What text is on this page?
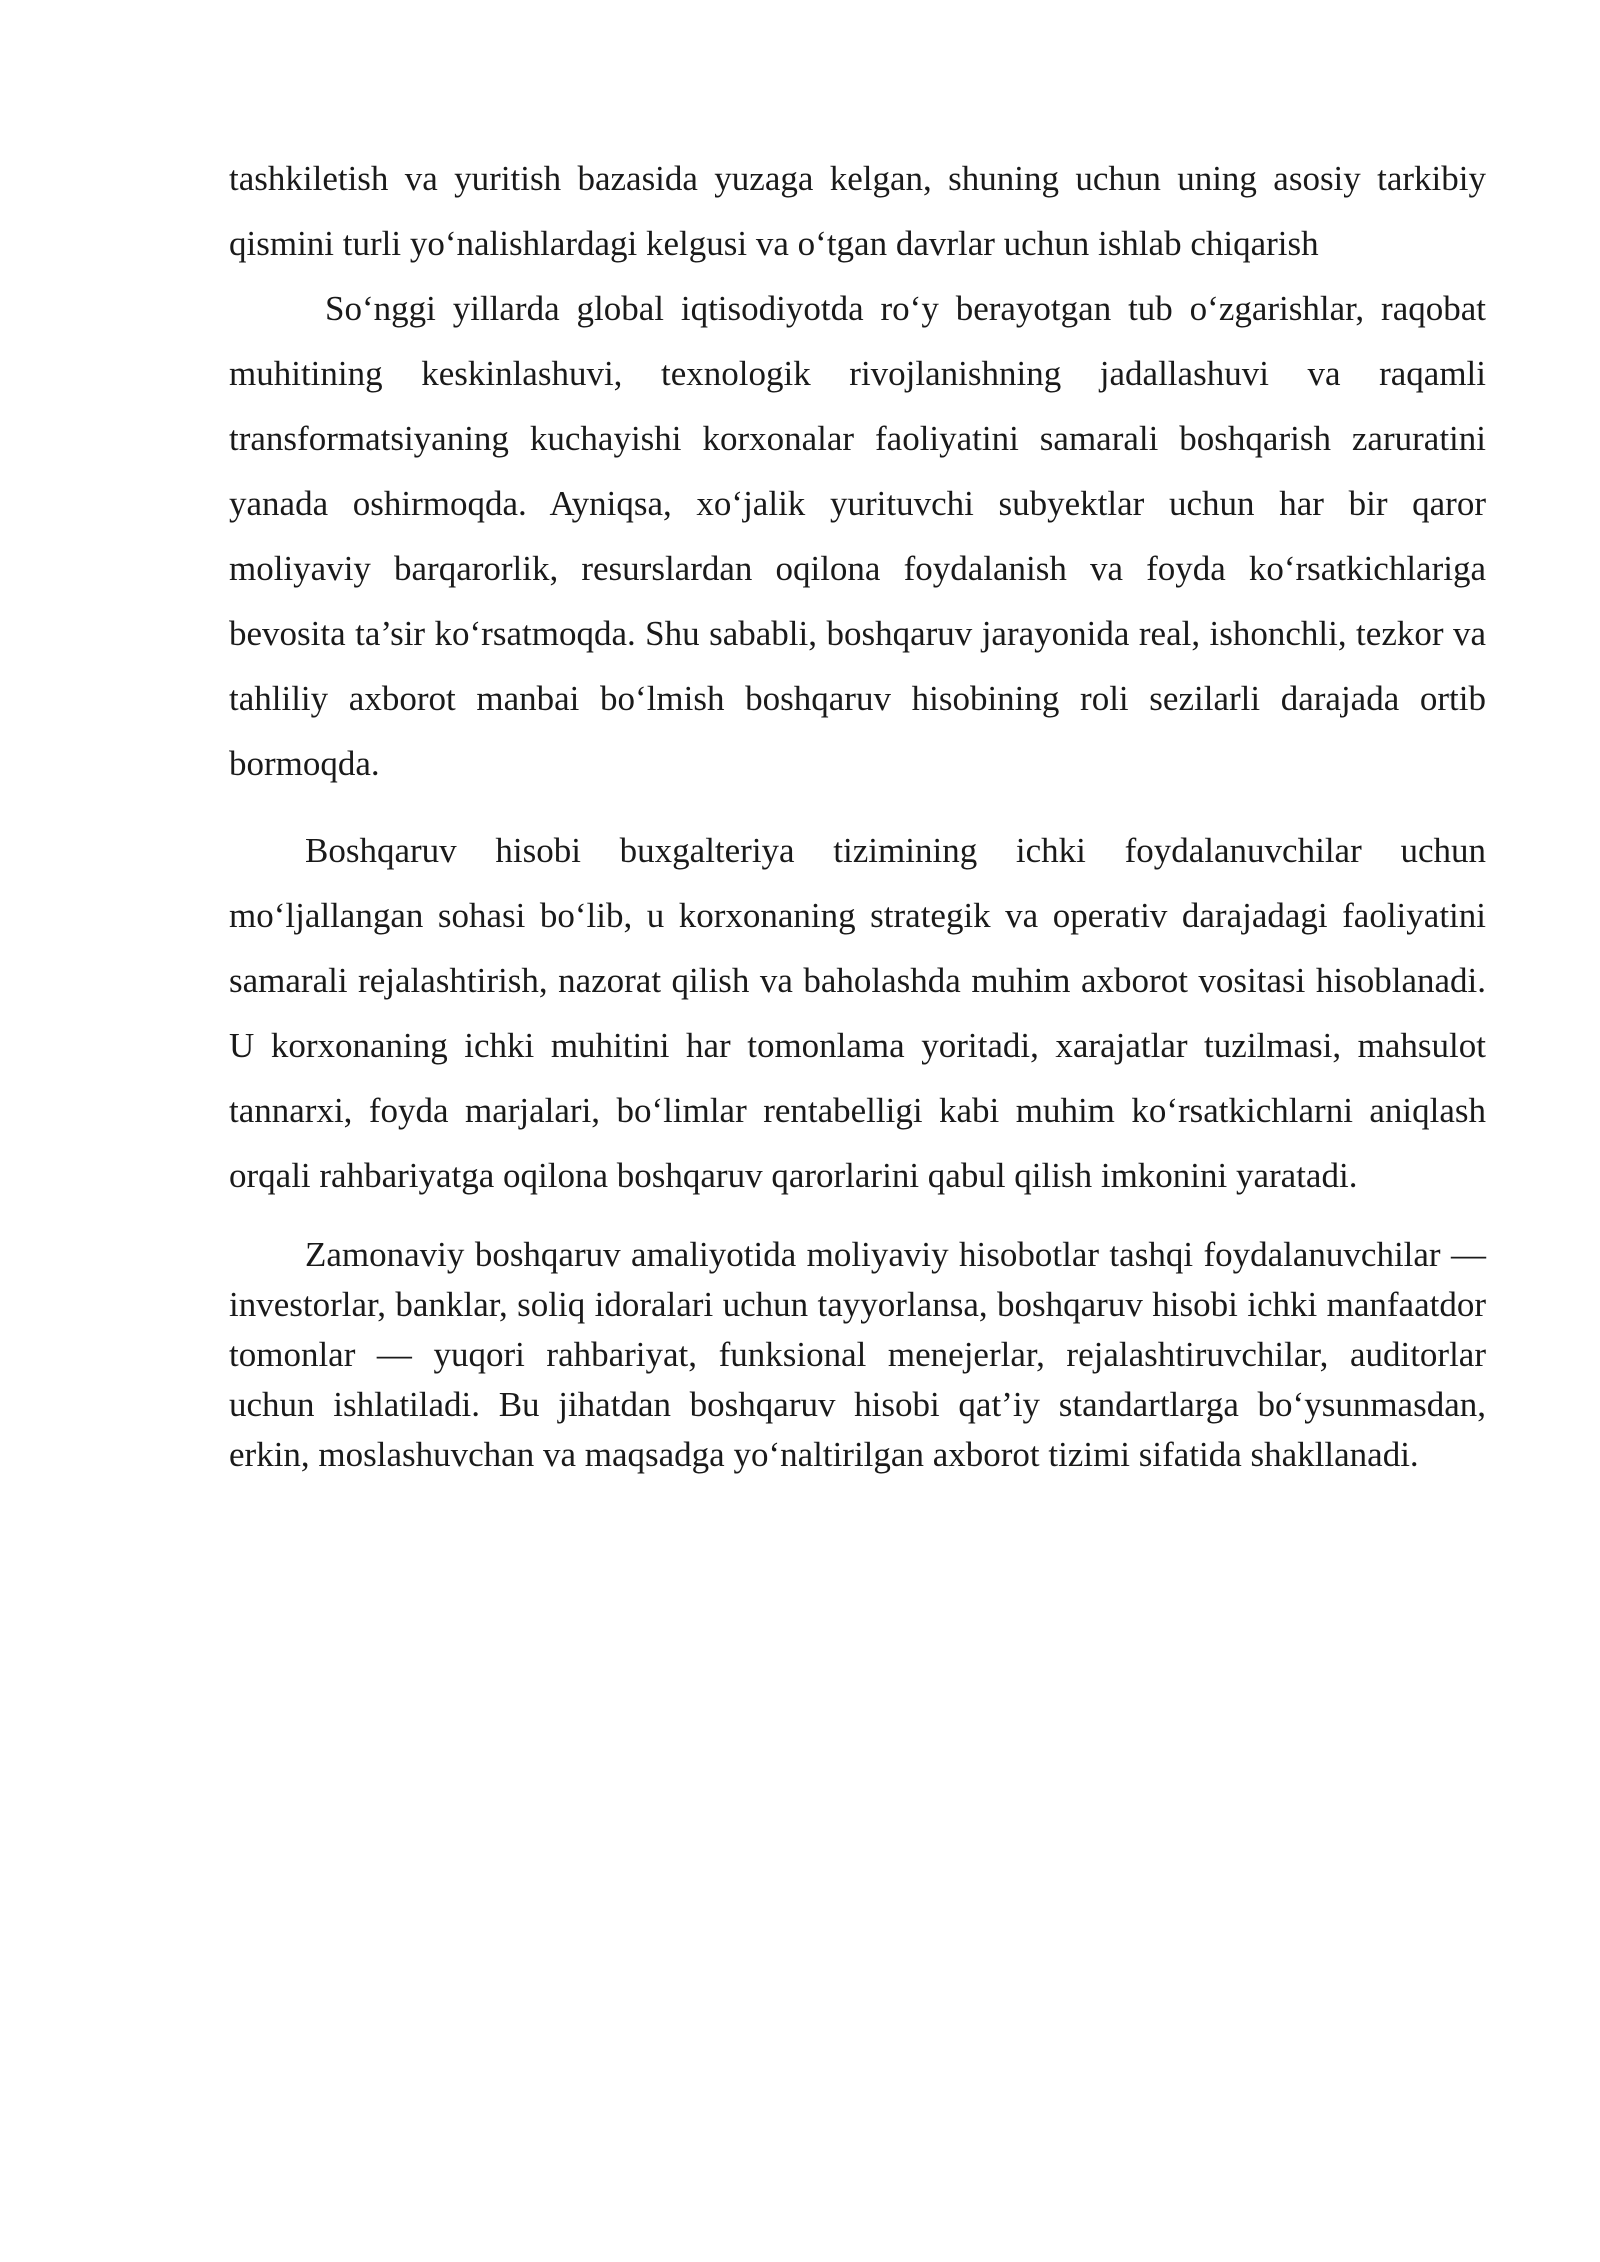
tashkiletish va yuritish bazasida yuzaga kelgan, shuning uchun uning asosiy tarkibiy qismini turli yo‘nalishlardagi kelgusi va o‘tgan davrlar uchun ishlab chiqarish

So‘nggi yillarda global iqtisodiyotda ro‘y berayotgan tub o‘zgarishlar, raqobat muhitining keskinlashuvi, texnologik rivojlanishning jadallashuvi va raqamli transformatsiyaning kuchayishi korxonalar faoliyatini samarali boshqarish zaruratini yanada oshirmoqda. Ayniqsa, xo‘jalik yurituvchi subyektlar uchun har bir qaror moliyaviy barqarorlik, resurslardan oqilona foydalanish va foyda ko‘rsatkichlariga bevosita ta’sir ko‘rsatmoqda. Shu sababli, boshqaruv jarayonida real, ishonchli, tezkor va tahliliy axborot manbai bo‘lmish boshqaruv hisobining roli sezilarli darajada ortib bormoqda.

Boshqaruv hisobi buxgalteriya tizimining ichki foydalanuvchilar uchun mo‘ljallangan sohasi bo‘lib, u korxonaning strategik va operativ darajadagi faoliyatini samarali rejalashtirish, nazorat qilish va baholashda muhim axborot vositasi hisoblanadi. U korxonaning ichki muhitini har tomonlama yoritadi, xarajatlar tuzilmasi, mahsulot tannarxi, foyda marjalari, bo‘limlar rentabelligi kabi muhim ko‘rsatkichlarni aniqlash orqali rahbariyatga oqilona boshqaruv qarorlarini qabul qilish imkonini yaratadi.

Zamonaviy boshqaruv amaliyotida moliyaviy hisobotlar tashqi foydalanuvchilar — investorlar, banklar, soliq idoralari uchun tayyorlansa, boshqaruv hisobi ichki manfaatdor tomonlar — yuqori rahbariyat, funksional menejerlar, rejalashtiruvchilar, auditorlar uchun ishlatiladi. Bu jihatdan boshqaruv hisobi qat’iy standartlarga bo‘ysunmasdan, erkin, moslashuvchan va maqsadga yo‘naltirilgan axborot tizimi sifatida shakllanadi.
